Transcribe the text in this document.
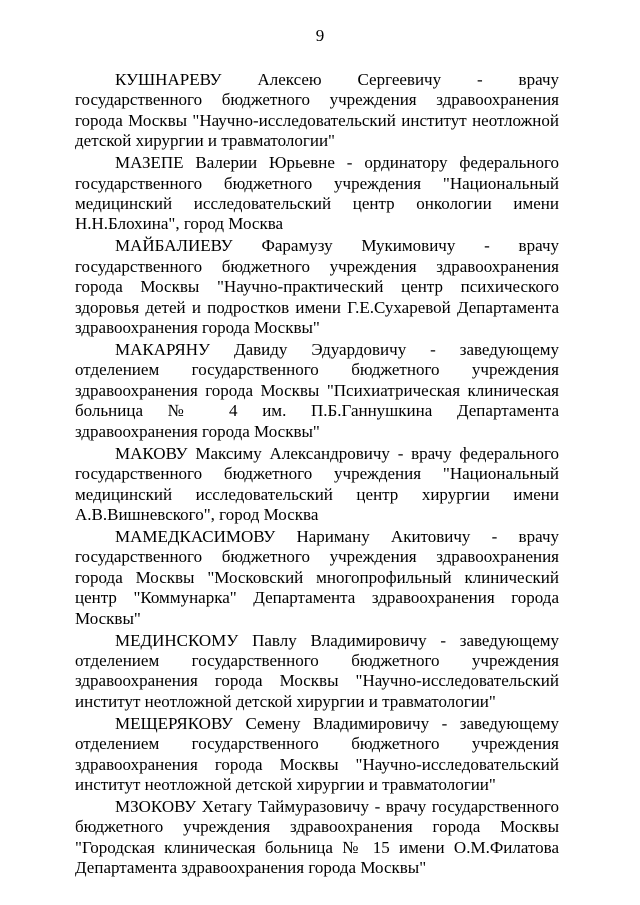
9

КУШНАРЕВУ Алексею Сергеевичу - врачу государственного бюджетного учреждения здравоохранения города Москвы "Научно-исследовательский институт неотложной детской хирургии и травматологии"

МАЗЕПЕ Валерии Юрьевне - ординатору федерального государственного бюджетного учреждения "Национальный медицинский исследовательский центр онкологии имени Н.Н.Блохина", город Москва

МАЙБАЛИЕВУ Фарамузу Мукимовичу - врачу государственного бюджетного учреждения здравоохранения города Москвы "Научно-практический центр психического здоровья детей и подростков имени Г.Е.Сухаревой Департамента здравоохранения города Москвы"

МАКАРЯНУ Давиду Эдуардовичу - заведующему отделением государственного бюджетного учреждения здравоохранения города Москвы "Психиатрическая клиническая больница № 4 им. П.Б.Ганнушкина Департамента здравоохранения города Москвы"

МАКОВУ Максиму Александровичу - врачу федерального государственного бюджетного учреждения "Национальный медицинский исследовательский центр хирургии имени А.В.Вишневского", город Москва

МАМЕДКАСИМОВУ Нариману Акитовичу - врачу государственного бюджетного учреждения здравоохранения города Москвы "Московский многопрофильный клинический центр "Коммунарка" Департамента здравоохранения города Москвы"

МЕДИНСКОМУ Павлу Владимировичу - заведующему отделением государственного бюджетного учреждения здравоохранения города Москвы "Научно-исследовательский институт неотложной детской хирургии и травматологии"

МЕЩЕРЯКОВУ Семену Владимировичу - заведующему отделением государственного бюджетного учреждения здравоохранения города Москвы "Научно-исследовательский институт неотложной детской хирургии и травматологии"

МЗОКОВУ Хетагу Таймуразовичу - врачу государственного бюджетного учреждения здравоохранения города Москвы "Городская клиническая больница № 15 имени О.М.Филатова Департамента здравоохранения города Москвы"
